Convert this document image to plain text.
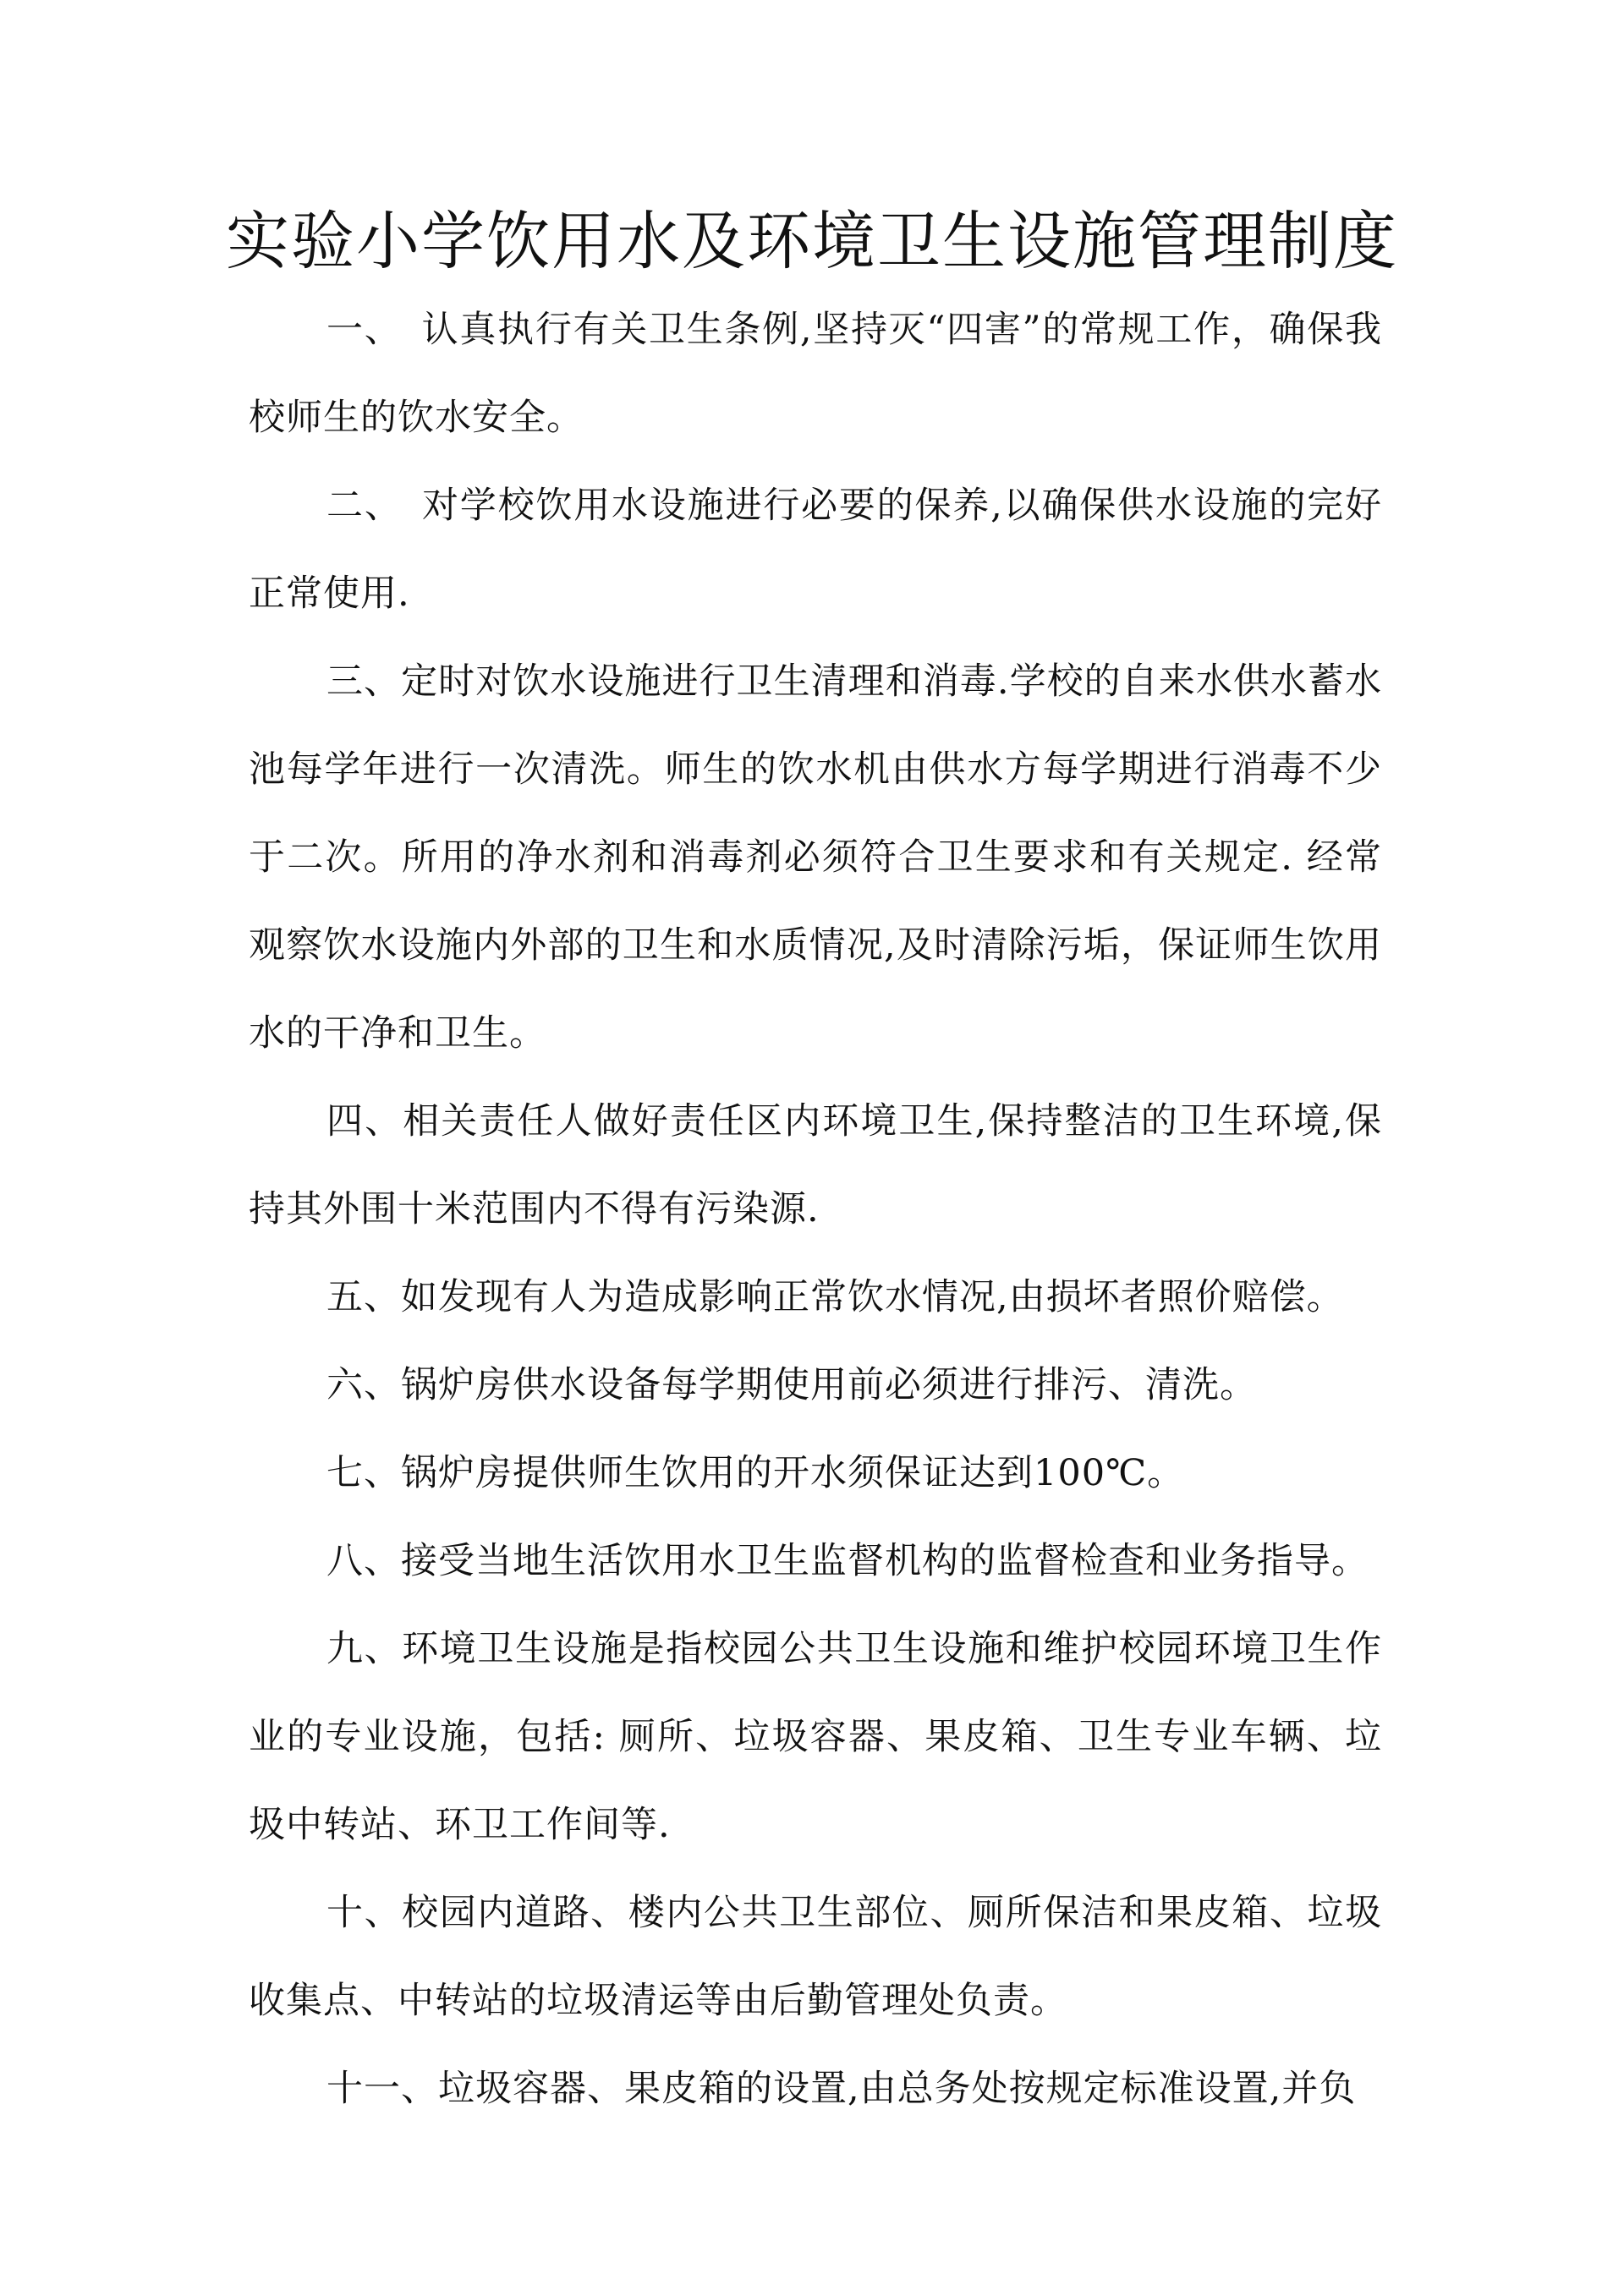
实验小学饮用水及环境卫生设施管理制度

一、　认真执行有关卫生条例,坚持灭“四害”的常规工作，确保我校师生的饮水安全。

二、　对学校饮用水设施进行必要的保养,以确保供水设施的完好正常使用.

三、定时对饮水设施进行卫生清理和消毒.学校的自来水供水蓄水池每学年进行一次清洗。师生的饮水机由供水方每学期进行消毒不少于二次。所用的净水剂和消毒剂必须符合卫生要求和有关规定. 经常观察饮水设施内外部的卫生和水质情况,及时清除污垢，保证师生饮用水的干净和卫生。

四、相关责任人做好责任区内环境卫生,保持整洁的卫生环境,保持其外围十米范围内不得有污染源.

五、如发现有人为造成影响正常饮水情况,由损坏者照价赔偿。

六、锅炉房供水设备每学期使用前必须进行排污、清洗。

七、锅炉房提供师生饮用的开水须保证达到100℃。

八、接受当地生活饮用水卫生监督机构的监督检查和业务指导。

九、环境卫生设施是指校园公共卫生设施和维护校园环境卫生作业的专业设施，包括: 厕所、垃圾容器、果皮箱、卫生专业车辆、垃圾中转站、环卫工作间等.

十、校园内道路、楼内公共卫生部位、厕所保洁和果皮箱、垃圾收集点、中转站的垃圾清运等由后勤管理处负责。

十一、垃圾容器、果皮箱的设置,由总务处按规定标准设置,并负
